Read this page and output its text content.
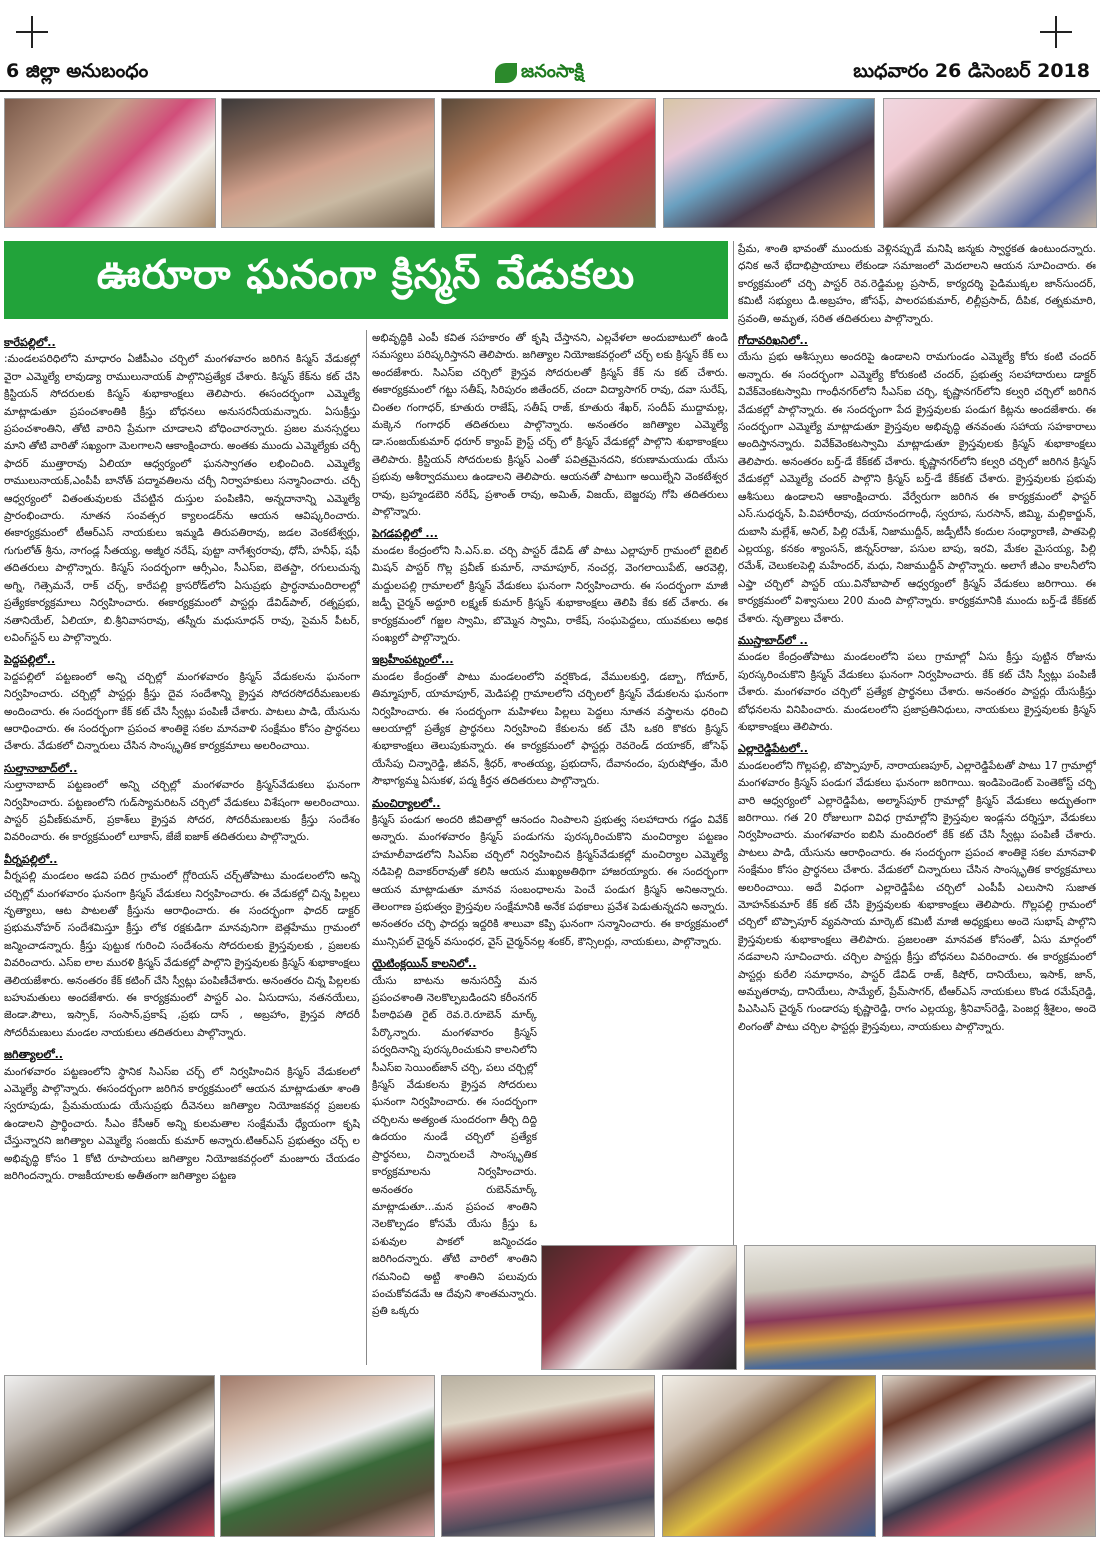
6 జిల్లా అనుబంధం	జనంసాక్షి	బుధవారం 26 డిసెంబర్ 2018
ఊరూరా ఘనంగా క్రిస్మస్ వేడుకలు
కారేపల్లిలో..

:మండలపరిధిలోని మాధారం ఏజీపీఎం చర్చిలో మంగళవారం జరిగిన కిస్మస్ వేడుకల్లో వైరా ఎమ్మెల్యే లావుడ్యా రాములునాయక్ పాల్గొనిప్రత్యేక చేశారు. కిస్మస్ కేక్‌ను కట్ చేసి క్రిస్టియన్ సోదరులకు కిస్మస్ శుభాకాంక్షలు తెలిపారు. ఈసందర్భంగా ఎమ్మెల్యే మాట్లాడుతూ ప్రపంచశాంతికి క్రీస్తు బోధనలు అనుసరనీయమన్నారు. ఏసుక్రీస్తు ప్రపంచశాంతిని, తోటి వారిని ప్రేమగా చూడాలని బోధించారన్నారు. ప్రజల మనస్సర్థలు మాని తోటి వారితో సఖ్యంగా మెలగాలని ఆకాంక్షించారు. అంతకు ముందు ఎమ్మెల్యేకు చర్చీ ఫాదర్ ముత్తారావు ఏలియా ఆధ్వర్యంలో ఘనస్వాగతం లభించింది. ఎమ్మెల్యే రాములునాయక్,ఎంపీపీ బానోత్ పద్మావతిలను చర్చీ నిర్వాహకులు సన్మానించారు. చర్చీ ఆధ్వర్యంలో వితంతువులకు చేపట్టిన దుస్తుల పంపిణిని, అన్నదానాన్ని ఎమ్మెల్యే ప్రారంభించారు. నూతన సంవత్సర క్యాలండర్‌ను ఆయన ఆవిష్కరించారు. ఈకార్యక్రమంలో టీఆర్ఎస్ నాయకులు ఇమ్మడి తిరుపతిరావు, జడల వెంకటేశ్వర్లు, గుగులోత్ శ్రీను, నాగండ్ల సీతయ్య, అజ్మీర నరేష్, పుట్టా నాగేశ్వరరావు, ధోనీ, హనీఫ్, షఫీ తదితరులు పాల్గొన్నారు. కిస్మస్ సందర్భంగా ఆర్సీఎం, సీఎస్ఐ, బెతస్టా, రగులుచున్న అగ్ని, గెత్సెమనే, రాక్ చర్చ్, కారేపల్లి క్రాసరోడ్‌లోని ఏసుప్రభు ప్రార్ధనామందిరాలల్లో ప్రత్యేకకార్యక్రమాలు నిర్వహించారు. ఈకార్యక్రమంలో పాస్టర్లు డేవిడ్‌పాల్, రత్నప్రభు, నతానియేల్, ఏలియా, బి.శ్రీనివాసరావు, తస్నీరు మధుసూధన్ రావు, సైమన్ పీటర్, లవింగ్‌స్టన్ లు పాల్గొన్నారు.

పెద్దపల్లిలో..

పెద్దపల్లిలో పట్టణంలో అన్ని చర్చిల్లో మంగళవారం క్రిస్మస్ వేడుకలను ఘనంగా నిర్వహించారు. చర్చిల్లో పాస్టర్లు క్రీస్తు దైవ సందేశాన్ని క్రైస్తవ సోదరసోదరీమణులకు అందించారు. ఈ సందర్భంగా కేక్ కట్ చేసి స్వీట్లు పంపిణీ చేశారు. పాటలు పాడి, యేసును ఆరాధించారు. ఈ సందర్భంగా ప్రపంచ శాంతికై సకల మానవాళి సంక్షేమం కోసం ప్రార్థనలు చేశారు. వేడుకలో చిన్నారులు చేసిన సాంస్కృతిక కార్యక్రమాలు అలరించాయి.

సుల్తానాబాద్‌లో..

సుల్తానాబాద్ పట్టణంలో అన్ని చర్చిల్లో మంగళవారం క్రిస్మస్‌వేడుకలు ఘనంగా నిర్వహించారు. పట్టణంలోని గుడ్‌స్యామరిటన్ చర్చిలో వేడుకలు విశేషంగా అలరించాయి. పాస్టర్ ప్రవీణ్‌కుమార్, ప్రకాశ్‌లు క్రైస్తవ సోదర, సోదరీమణులకు క్రీస్తు సందేశం వివరించారు. ఈ కార్యక్రమంలో లూకాస్, జేజే ఐజాక్ తదితరులు పాల్గొన్నారు.

వీర్నపల్లిలో..

వీర్నపల్లి మండలం అడవి పదిర గ్రామంలో గ్లోరియస్ చర్చ్‌తోపాటు మండలంలోని అన్ని చర్చిల్లో మంగళవారం ఘనంగా క్రిస్మస్ వేడుకలు నిర్వహించారు. ఈ వేడుకల్లో చిన్న పిల్లలు నృత్యాలు, ఆట పాటలతో క్రీస్తును ఆరాధించారు. ఈ సందర్భంగా ఫాదర్ డాక్టర్ ప్రభుమనోహర్ సందేశమిస్తూ క్రీస్తు లోక రక్షకుడిగా మానవునిగా బెత్లహేము గ్రామంలో జన్మించాడన్నారు. క్రీస్తు పుట్టుక గురించి సందేశంను సోదరులకు క్రైస్తవులకు , ప్రజలకు వివరించారు. ఎస్ఐ లాల మురళి క్రిస్మస్ వేడుకల్లో పాల్గొని క్రైస్తవులకు క్రిస్మస్ శుభాకాంక్షలు తెలియజేశారు. అనంతరం కేక్ కటింగ్ చేసి స్వీట్లు పంపిణీచేశారు. అనంతరం చిన్న పిల్లలకు బహుమతులు అందజేశారు. ఈ కార్యక్రమంలో పాస్టర్ ఎం. ఏసుదాసు, నతనయేలు, జెండా.పౌలు, ఇస్సాక్, సంసాన్,ప్రకాష్ ,ప్రభు దాస్ , అబ్రహాం, క్రైస్తవ సోదరీ సోదరీమణులు మండల నాయకులు తదితరులు పాల్గొన్నారు.

జగిత్యాలలో..

మంగళవారం పట్టణంలోని స్థానిక సిఎస్ఐ చర్చ్ లో నిర్వహించిన క్రిస్మస్ వేడుకలలో ఎమ్మెల్యే పాల్గొన్నారు. ఈసందర్బంగా జరిగిన కార్యక్రమంలో ఆయన మాట్లాడుతూ శాంతి స్వరూపుడు, ప్రేమమయుడు యేసుప్రభు దీవెనలు జగిత్యాల నియోజకవర్గ ప్రజలకు ఉండాలని ప్రార్థించారు. సీఎం కేసీఆర్ అన్ని కులమతాల సంక్షేమమే ధ్యేయంగా కృషి చేస్తున్నారని జగిత్యాల ఎమ్మెల్యే సంజయ్ కుమార్ అన్నారు.టిఆర్ఎస్ ప్రభుత్వం చర్చ్ ల అభివృద్ధి కోసం 1 కోటి రూపాయలు జగిత్యాల నియోజకవర్గంలో మంజూరు చేయడం జరిగిందన్నారు. రాజకీయాలకు అతీతంగా జగిత్యాల పట్టణ

అభివృద్ధికి ఎంపీ కవిత సహకారం తో కృషి చేస్తానని, ఎల్లవేళలా అందుబాటులో ఉండి సమస్యలు పరిష్కరిస్తానని తెలిపారు. జగిత్యాల నియోజకవర్గంలో చర్చ్ లకు క్రిస్మస్ కేక్ లు అందజేశారు. సిఎస్ఐ చర్చిలో క్రైస్తవ సోదరులతో క్రిస్మస్ కేక్ ను కట్ చేశారు. ఈకార్యక్రమంలో గట్టు సతీష్, సిరిపురం జితేందర్, చందా విద్యాసాగర్ రావు, దవా సురేష్, చింతల గంగాధర్, కూతురు రాజేష్, సతీష్ రాజ్, కూతురు శేఖర్, సందీప్ ముద్దామల్ల, మక్కెన గంగాధర్ తదితరులు పాల్గొన్నారు. అనంతరం జగిత్యాల ఎమ్మెల్యే డా.సంజయ్‌కుమార్ ధరూర్ క్యాంప్ క్రైస్ట్ చర్చ్ లో క్రిస్మస్ వేడుకల్లో పాల్గొని శుభాకాంక్షలు తెలిపారు. క్రిస్టియన్ సోదరులకు క్రిస్మస్ ఎంతో పవిత్రమైనదని, కరుణామయుడు యేసు ప్రభువు ఆశీర్వాదములు ఉండాలని తెలిపారు. ఆయనతో పాటుగా అయిల్నేని వెంకటేశ్వర రావు, బ్రహ్మండబెరి నరేష్, ప్రశాంత్ రావు, అమిత్, విజయ్, బెజ్జరపు గోపి తదితరులు పాల్గొన్నారు.

పెగడపల్లిలో ...

మండల కేంద్రంలోని సి.ఎస్.ఐ. చర్చి పాస్టర్ డేవిడ్ తో పాటు ఎల్లాపూర్ గ్రామంలో బైబిల్ మిషన్ పాస్టర్ గొల్ల ప్రవీణ్ కుమార్, నామాపూర్, నంచర్ల, వెంగలాయిపేట్, ఆరవెల్లి, మద్దులపల్లి గ్రామాలలో క్రిస్మస్ వేడుకలు ఘనంగా నిర్వహించారు. ఈ సందర్భంగా మాజీ జడ్పీ చైర్మన్ అద్దూరి లక్ష్మణ్ కుమార్ క్రిస్మస్ శుభాకాంక్షలు తెలిపి కేకు కట్ చేశారు. ఈ కార్యక్రమంలో గజ్జల స్వామి, బొమ్మెన స్వామి, రాకేష్, సంఘపెద్దలు, యువకులు అధిక సంఖ్యలో పాల్గొన్నారు.

ఇబ్రహీంపట్నంలో...

మండల కేంద్రంతో పాటు మండలంలోని వర్షకొండ, వేములకుర్తి, డబ్బా, గోదూర్, తిమ్మాపూర్, యామాపూర్, మెడిపల్లి గ్రామాలలోని చర్చిలలో క్రిస్మస్ వేడుకలను ఘనంగా నిర్వహించారు. ఈ సందర్భంగా మహిళలు పిల్లలు పెద్దలు నూతన వస్త్రాలను ధరించి ఆలయాల్లో ప్రత్యేక ప్రార్థనలు నిర్వహించి కేకులను కట్ చేసి ఒకరి కొకరు క్రిస్మస్ శుభాకాంక్షలు తెలుపుకున్నారు. ఈ కార్యక్రమంలో ఫాస్టర్లు రెవరెండ్ దయాకర్, జోసెఫ్ యేసేపు చిన్నారెడ్డి, జీవన్, శ్రీధర్, శాంతయ్య, ప్రభుదాస్, దేవానందం, పురుషోత్తం, మేరి సౌభాగ్యమ్మ ఏసుకళ, పద్మ కీర్తన తదితరులు పాల్గొన్నారు.

మంచిర్యాలలో..

క్రిస్మస్ పండుగ అందరి జీవితాల్లో ఆనందం నింపాలని ప్రభుత్వ సలహాదారు గడ్డం వివేక్ అన్నారు. మంగళవారం క్రిస్మస్ పండుగను పురస్కరించుకొని మంచిర్యాల పట్టణం హమాలీవాడలోని సిఎస్ఐ చర్చిలో నిర్వహించిన క్రిస్మస్‌వేడుకల్లో మంచిర్యాల ఎమ్మెల్యే నడిపెల్లి దివాకర్‌రావుతో కలిసి ఆయన ముఖ్యఅతిథిగా హాజరయ్యారు. ఈ సందర్భంగా ఆయన మాట్లాడుతూ మానవ సంబంధాలను పెంచే పండుగ క్రిస్మస్ అనిఅన్నారు. తెలంగాణ ప్రభుత్వం క్రైస్తవుల సంక్షేమానికి అనేక పథకాలు ప్రవేశ పెడుతున్నదని అన్నారు. అనంతరం చర్చి ఫాదర్లు ఇద్దరికి శాలువా కప్పి ఘనంగా సన్మానించారు. ఈ కార్యక్రమంలో మున్సిపల్ చైర్మన్ వసుంధర, వైస్ చైర్మన్‌నల్ల శంకర్, కౌన్సిలర్లు, నాయకులు, పాల్గొన్నారు.

యైటింక్లయిన్ కాలనిలో..

యేసు బాటను అనుసరిస్తే మన ప్రపంచశాంతి నెలకొల్పబడిందని కరీంనగర్ పీఠాధిపతి రైట్ రెవ.రె.రూబెన్ మార్క్ పేర్కొన్నారు. మంగళవారం క్రిస్మస్ పర్వదినాన్ని పురస్కరించుకుని కాలనిలోని సీఎస్ఐ సెయింట్‌జాన్ చర్చి, పలు చర్చిల్లో క్రిస్మస్ వేడుకలను క్రైస్తవ సోదరులు ఘనంగా నిర్వహించారు. ఈ సందర్భంగా చర్చిలను అత్యంత సుందరంగా తీర్చి దిద్ది ఉదయం నుండే చర్చిలో ప్రత్యేక ప్రార్థనలు, చిన్నారులచే సాంస్కృతిక కార్యక్రమాలను నిర్వహించారు. అనంతరం రుబెన్‌మార్క్ మాట్లాడుతూ...మన ప్రపంచ శాంతిని నెలకొల్పడం కోసమే యేసు క్రీస్తు ఓ పశువుల పాకలో జన్మించడం జరిగిందన్నారు. తోటి వారిలో శాంతిని గమనించి అట్టి శాంతిని పలువురు పంచుకోవడమే ఆ దేవుని శాంతమన్నారు. ప్రతి ఒక్కరు

ప్రేమ, శాంతి భావంతో ముందుకు వెళ్లినప్పుడే మనిషి జన్మకు స్వార్థకత ఉంటుందన్నారు. ధనిక అనే భేదాభిప్రాయాలు లేకుండా సమాజంలో మెదలాలని ఆయన సూచించారు. ఈ కార్యక్రమంలో చర్చి పాస్టర్ రెవ.రెడ్డిమల్ల ప్రసాద్, కార్యదర్శి పైడిముక్కల జాన్‌సుందర్, కమిటీ సభ్యులు డి.అబ్రహం, జోసఫ్, పాలరపకుమార్, లిల్లీప్రసాద్, దీపిక, రత్నకుమారి, స్రవంతి, అమృత, సరిత తదితరులు పాల్గొన్నారు.

గోదావరిఖనిలో..

యేసు ప్రభు ఆశీస్సులు అందరిపై ఉండాలని రామగుండం ఎమ్మెల్యే కోరు కంటి చందర్ అన్నారు. ఈ సందర్భంగా ఎమ్మెల్యే కోరుకంటి చందర్, ప్రభుత్వ సలహాదారులు డాక్టర్ వివేక్‌వెంకటస్వామి గాంధీనగర్‌లోని సీఎస్ఐ చర్చి, కృష్ణానగర్‌లోని కల్వరి చర్చిలో జరిగిన వేడుకల్లో పాల్గొన్నారు. ఈ సందర్భంగా పేద క్రైస్తవులకు పండుగ కిట్లను అందజేశారు. ఈ సందర్భంగా ఎమ్మెల్యే మాట్లాడుతూ క్రైస్తవుల అభివృద్ధి తనవంతు సహాయ సహకారాలు అందిస్తానన్నారు. వివేక్‌వెంకటస్వామి మాట్లాడుతూ క్రైస్తవులకు క్రిస్మస్ శుభాకాంక్షలు తెలిపారు. అనంతరం బర్త్-డే కేక్‌కట్ చేశారు. కృష్ణానగర్‌లోని కల్వరి చర్చిలో జరిగిన క్రిస్మస్ వేడుకల్లో ఎమ్మెల్యే చందర్ పాల్గొని క్రిస్మస్ బర్త్-డే కేక్‌కట్ చేశారు. క్రైస్తవులకు ప్రభువు ఆశీసులు ఉండాలని ఆకాంక్షించారు. వేర్వేరుగా జరిగిన ఈ కార్యక్రమంలో ఫాస్టర్ ఎస్.సుధర్శన్, పి.విహారీరావు, దయానందగాంధీ, స్వరూప, సురసాన్, జిమ్మి, మల్లికార్జున్, దుబాసి మల్లేశ్, అనిల్, పిల్లి రమేశ్, నిజాముద్దీన్, జడ్పీటీసీ కందుల సంధ్యారాణి, పాతపెల్లి ఎల్లయ్య, కనకం శ్యాంసన్, జిన్నస్‌రాజు, పసుల బాపు, ఇరవి, మేకల మైసయ్య, పిల్లి రమేశ్, చెలుకలపెల్లి మహేందర్, మధు, నిజాముద్దీన్ పాల్గొన్నారు. అలాగే జీఎం కాలనీలోని ఎఫ్తా చర్చిలో పాస్టర్ యు.వినోబాపాల్ ఆధ్వర్యంలో క్రిస్మస్ వేడుకలు జరిగాయి. ఈ కార్యక్రమంలో విశ్వాసులు 200 మంది పాల్గొన్నారు. కార్యక్రమానికి ముందు బర్త్-డే కేక్‌కట్ చేశారు. నృత్యాలు చేశారు.

ముస్తాబాద్‌లో ..

మండల కేంద్రంతోపాటు మండలంలోని పలు గ్రామాల్లో ఏసు క్రీస్తు పుట్టిన రోజును పురస్కరించుకొని క్రిస్మస్ వేడుకలు ఘనంగా నిర్వహించారు. కేక్ కట్ చేసి స్వీట్లు పంపిణీ చేశారు. మంగళవారం చర్చిలో ప్రత్యేక ప్రార్థనలు చేశారు. అనంతరం పాస్టర్లు యేసుక్రీస్తు బోధనలను వినిపించారు. మండలంలోని ప్రజాప్రతినిధులు, నాయకులు క్రైస్తవులకు క్రిస్మస్ శుభాకాంక్షలు తెలిపారు.

ఎల్లారెడ్డిపేటలో..

మండలంలోని గొల్లపల్లి, బొప్పాపూర్, నారాయణపూర్, ఎల్లారెడ్డిపేటతో పాటు 17 గ్రామాల్లో మంగళవారం క్రిస్మస్ పండుగ వేడుకలు ఘనంగా జరిగాయి. ఇండిపెండెంట్ పెంతెకోస్ట్ చర్చి వారి ఆధ్వర్యంలో ఎల్లారెడ్డిపేట, అల్మాస్‌పూర్ గ్రామాల్లో క్రిస్మస్ వేడుకలు అద్భుతంగా జరిగాయి. గత 20 రోజులుగా వివిధ గ్రామాల్లోని క్రైస్తవుల ఇండ్లను దర్శిస్తూ, వేడుకలు నిర్వహించారు. మంగళవారం ఐబిసి మందిరంలో కేక్ కట్ చేసి స్వీట్లు పంపిణీ చేశారు. పాటలు పాడి, యేసును ఆరాధించారు. ఈ సందర్భంగా ప్రపంచ శాంతికై సకల మానవాళి సంక్షేమం కోసం ప్రార్థనలు చేశారు. వేడుకలో చిన్నారులు చేసిన సాంస్కృతిక కార్యక్రమాలు అలరించాయి. అదే విధంగా ఎల్లారెడ్డిపేట చర్చిలో ఎంపీపీ ఎలుసాని సుజాత మోహన్‌కుమార్ కేక్ కట్ చేసి క్రైస్తవులకు శుభాకాంక్షలు తెలిపారు. గొల్లపల్లి గ్రామంలో చర్చిలో బొప్పాపూర్ వ్యవసాయ మార్కెట్ కమిటీ మాజీ అధ్యక్షులు అందె సుభాష్ పాల్గొని క్రైస్తవులకు శుభాకాంక్షలు తెలిపారు. ప్రజలంతా మానవత కోసంతో, ఏసు మార్గంలో నడవాలని సూచించారు. చర్చిల పాస్టర్లు క్రీస్తు బోధనలు వివరించారు. ఈ కార్యక్రమంలో పాస్టర్లు కురేలి సమాధానం, పాస్టర్ డేవిడ్ రాజ్, కిషోర్, దానియేలు, ఇసాక్, జాన్, అమృతరావు, దానియేలు, సామ్యేల్, ప్రేమ్‌సాగర్, టీఆర్ఎస్ నాయకులు కొండ రమేష్‌రెడ్డి, పిఎసిఎస్ చైర్మన్ గుండారపు కృష్ణారెడ్డి, రాగం ఎల్లయ్య, శ్రీనివాస్‌రెడ్డి, పెంజర్ల శ్రీశైలం, అందె లింగంతో పాటు చర్చిల ఫాస్టర్లు క్రైస్తవులు, నాయకులు పాల్గొన్నారు.
